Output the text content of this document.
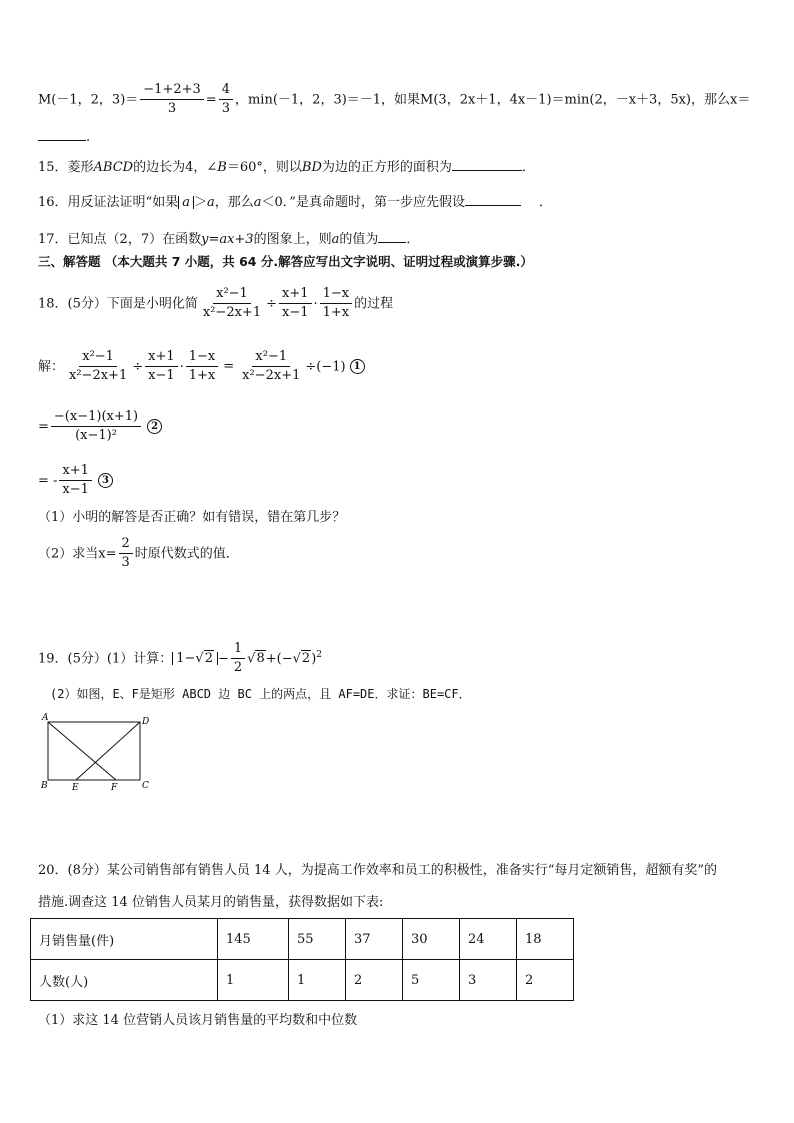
M(－1，2，$3)= \frac{-1+2+3}{3} = \frac{4}{3}$ ，min(－1，2，3)＝－1，如果M(3，2x＋1，4x－1)＝min(2，－x＋3，5x)，那么x＝
.
15．菱形ABCD的边长为4，∠B＝60°，则以BD为边的正方形的面积为	．
16．用反证法证明“如果 a ＞a，那么a＜0．”是真命题时，第一步应先假设	．
17．已知点（2，7）在函数y=ax+3的图象上，则a的值为 ．
三、解答题 （本大题共 7 小题，共 64 分.解答应写出文字说明、证明过程或演算步骤.）
18．(5分）下面是小明化简 $\frac{\text{x²−1}}{\text{x²−2x+1}} \div \frac{x+1}{x-1} \cdot \frac{1-x}{1+x}$ 的过程
解： $\frac{\text{x²−1}}{\text{x²−2x+1}} \div \frac{x+1}{x-1} \cdot \frac{1-x}{1+x} = \frac{\text{x²−1}}{\text{x²−2x+1}} \div(-1)$ 1
= $\frac{-(x-1)(x+1)}{\text{(x−1)²}} 2$
= - $\frac{x+1}{x-1} 3$
（1）小明的解答是否正确？如有错误，错在第几步？
（2）求当$x= \frac{2}{3}$ 时原代数式的值．
19．(5分）(1）计算： $1-√2 - \frac{1}{2} √8+(-√2)^2$
(2）如图，E、F是矩形 ABCD 边 BC 上的两点，且 AF=DE．求证：BE=CF．
A	D
B	E	F	C
20．(8分）某公司销售部有销售人员 14 人，为提高工作效率和员工的积极性，准备实行“每月定额销售，超额有奖”的
措施.调查这 14 位销售人员某月的销售量，获得数据如下表:
月销售量(件)	145	55	37	30	24	18
人数(人)	1	1	2	5	3	2
（1）求这 14 位营销人员该月销售量的平均数和中位数
